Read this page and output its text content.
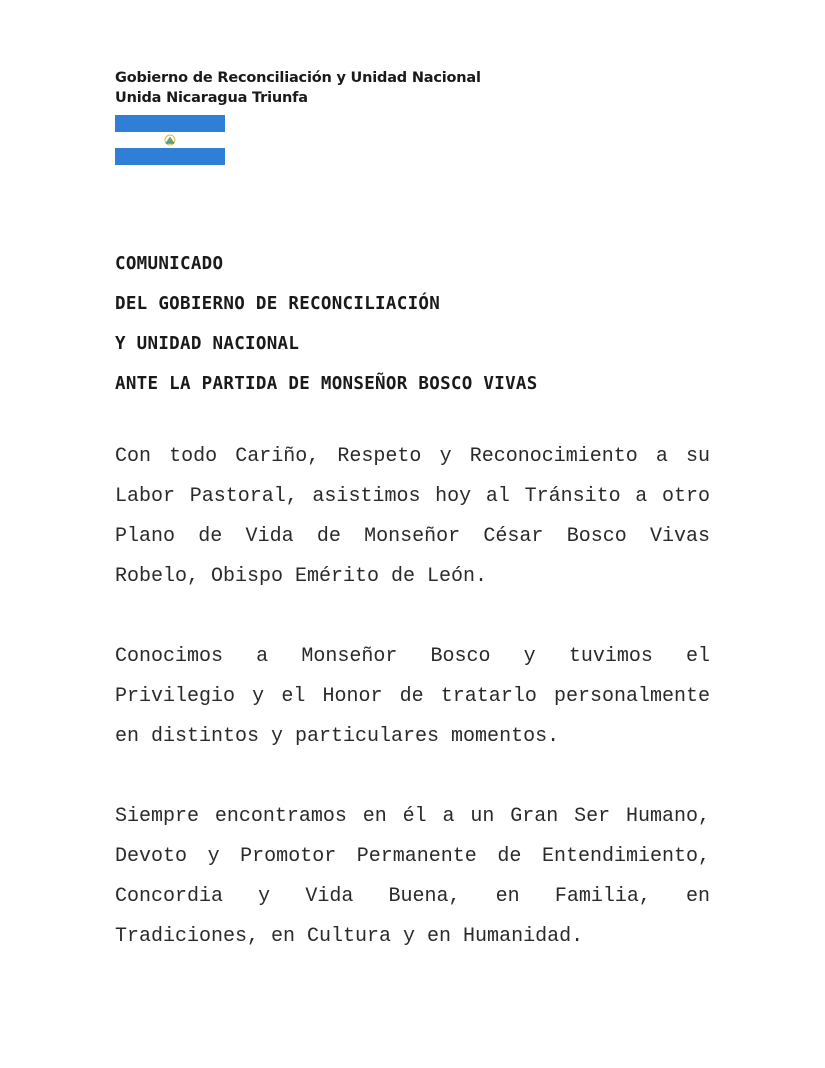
Gobierno de Reconciliación y Unidad Nacional
Unida Nicaragua Triunfa
COMUNICADO
DEL GOBIERNO DE RECONCILIACIÓN
Y UNIDAD NACIONAL
ANTE LA PARTIDA DE MONSEÑOR BOSCO VIVAS
Con todo Cariño, Respeto y Reconocimiento a su Labor Pastoral, asistimos hoy al Tránsito a otro Plano de Vida de Monseñor César Bosco Vivas Robelo, Obispo Emérito de León.
Conocimos a Monseñor Bosco y tuvimos el Privilegio y el Honor de tratarlo personalmente en distintos y particulares momentos.
Siempre encontramos en él a un Gran Ser Humano, Devoto y Promotor Permanente de Entendimiento, Concordia y Vida Buena, en Familia, en Tradiciones, en Cultura y en Humanidad.
